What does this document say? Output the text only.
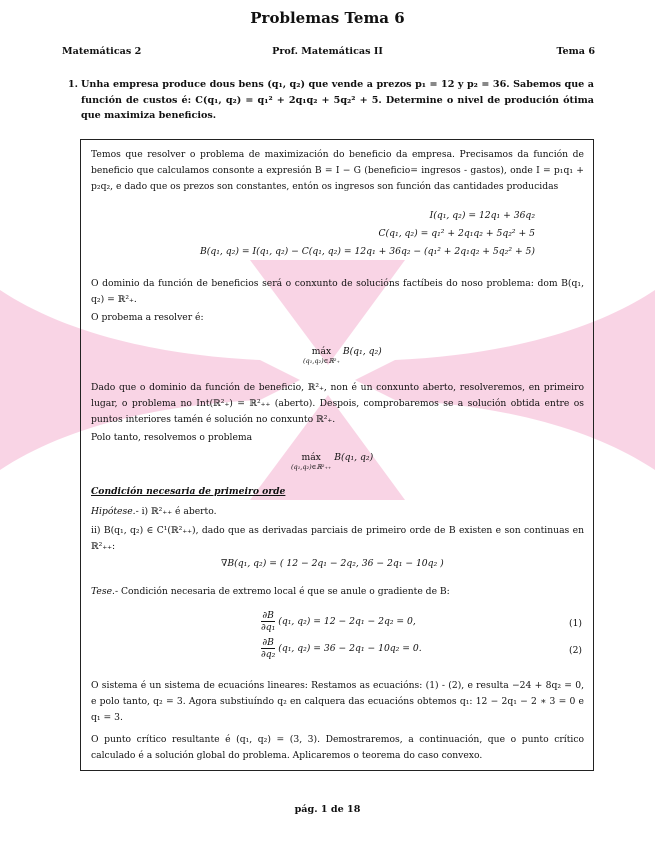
Problemas Tema 6
Matemáticas 2	Prof. Matemáticas II	Tema 6
1. Unha empresa produce dous bens (q₁, q₂) que vende a prezos p₁ = 12 y p₂ = 36. Sabemos que a función de custos é: C(q₁, q₂) = q₁² + 2q₁q₂ + 5q₂² + 5. Determine o nivel de produción ótima que maximiza beneficios.
Temos que resolver o problema de maximización do beneficio da empresa. Precisamos da función de beneficio que calculamos consonte a expresión B = I − G (beneficio= ingresos - gastos), onde I = p₁q₁ + p₂q₂, e dado que os prezos son constantes, entón os ingresos son función das cantidades producidas
I(q₁, q₂) = 12q₁ + 36q₂
C(q₁, q₂) = q₁² + 2q₁q₂ + 5q₂² + 5
B(q₁, q₂) = I(q₁, q₂) − C(q₁, q₂) = 12q₁ + 36q₂ − (q₁² + 2q₁q₂ + 5q₂² + 5)
O dominio da función de beneficios será o conxunto de solucións factíbeis do noso problema: dom B(q₁, q₂) = ℝ²₊.
O probema a resolver é:
máx
(q₁,q₂)∈ℝ²₊
B(q₁, q₂)
Dado que o dominio da función de beneficio, ℝ²₊, non é un conxunto aberto, resolveremos, en primeiro lugar, o problema no Int(ℝ²₊) = ℝ²₊₊ (aberto). Despois, comprobaremos se a solución obtida entre os puntos interiores tamén é solución no conxunto ℝ²₊.
Polo tanto, resolvemos o problema
máx
(q₁,q₂)∈ℝ²₊₊
B(q₁, q₂)
Condición necesaria de primeiro orde
Hipótese.- i) ℝ²₊₊ é aberto.
ii) B(q₁, q₂) ∈ C¹(ℝ²₊₊), dado que as derivadas parciais de primeiro orde de B existen e son continuas en ℝ²₊₊:
∇B(q₁, q₂) = ( 12 − 2q₁ − 2q₂, 36 − 2q₁ − 10q₂ )
Tese.- Condición necesaria de extremo local é que se anule o gradiente de B:
$\frac{\partial B}{\text{∂q₁}} (q_1$, q₂) = 12 − 2q₁ − 2q₂ = 0,	(1)
$\frac{\partial B}{\text{∂q₂}} (q_1$, q₂) = 36 − 2q₁ − 10q₂ = 0.	(2)
O sistema é un sistema de ecuacións lineares: Restamos as ecuacións: (1) - (2), e resulta −24 + 8q₂ = 0, e polo tanto, q₂ = 3. Agora substiuíndo q₂ en calquera das ecuacións obtemos q₁: 12 − 2q₁ − 2 ∗ 3 = 0 e q₁ = 3.
O punto crítico resultante é (q₁, q₂) = (3, 3). Demostraremos, a continuación, que o punto crítico calculado é a solución global do problema. Aplicaremos o teorema do caso convexo.
pág. 1 de 18
